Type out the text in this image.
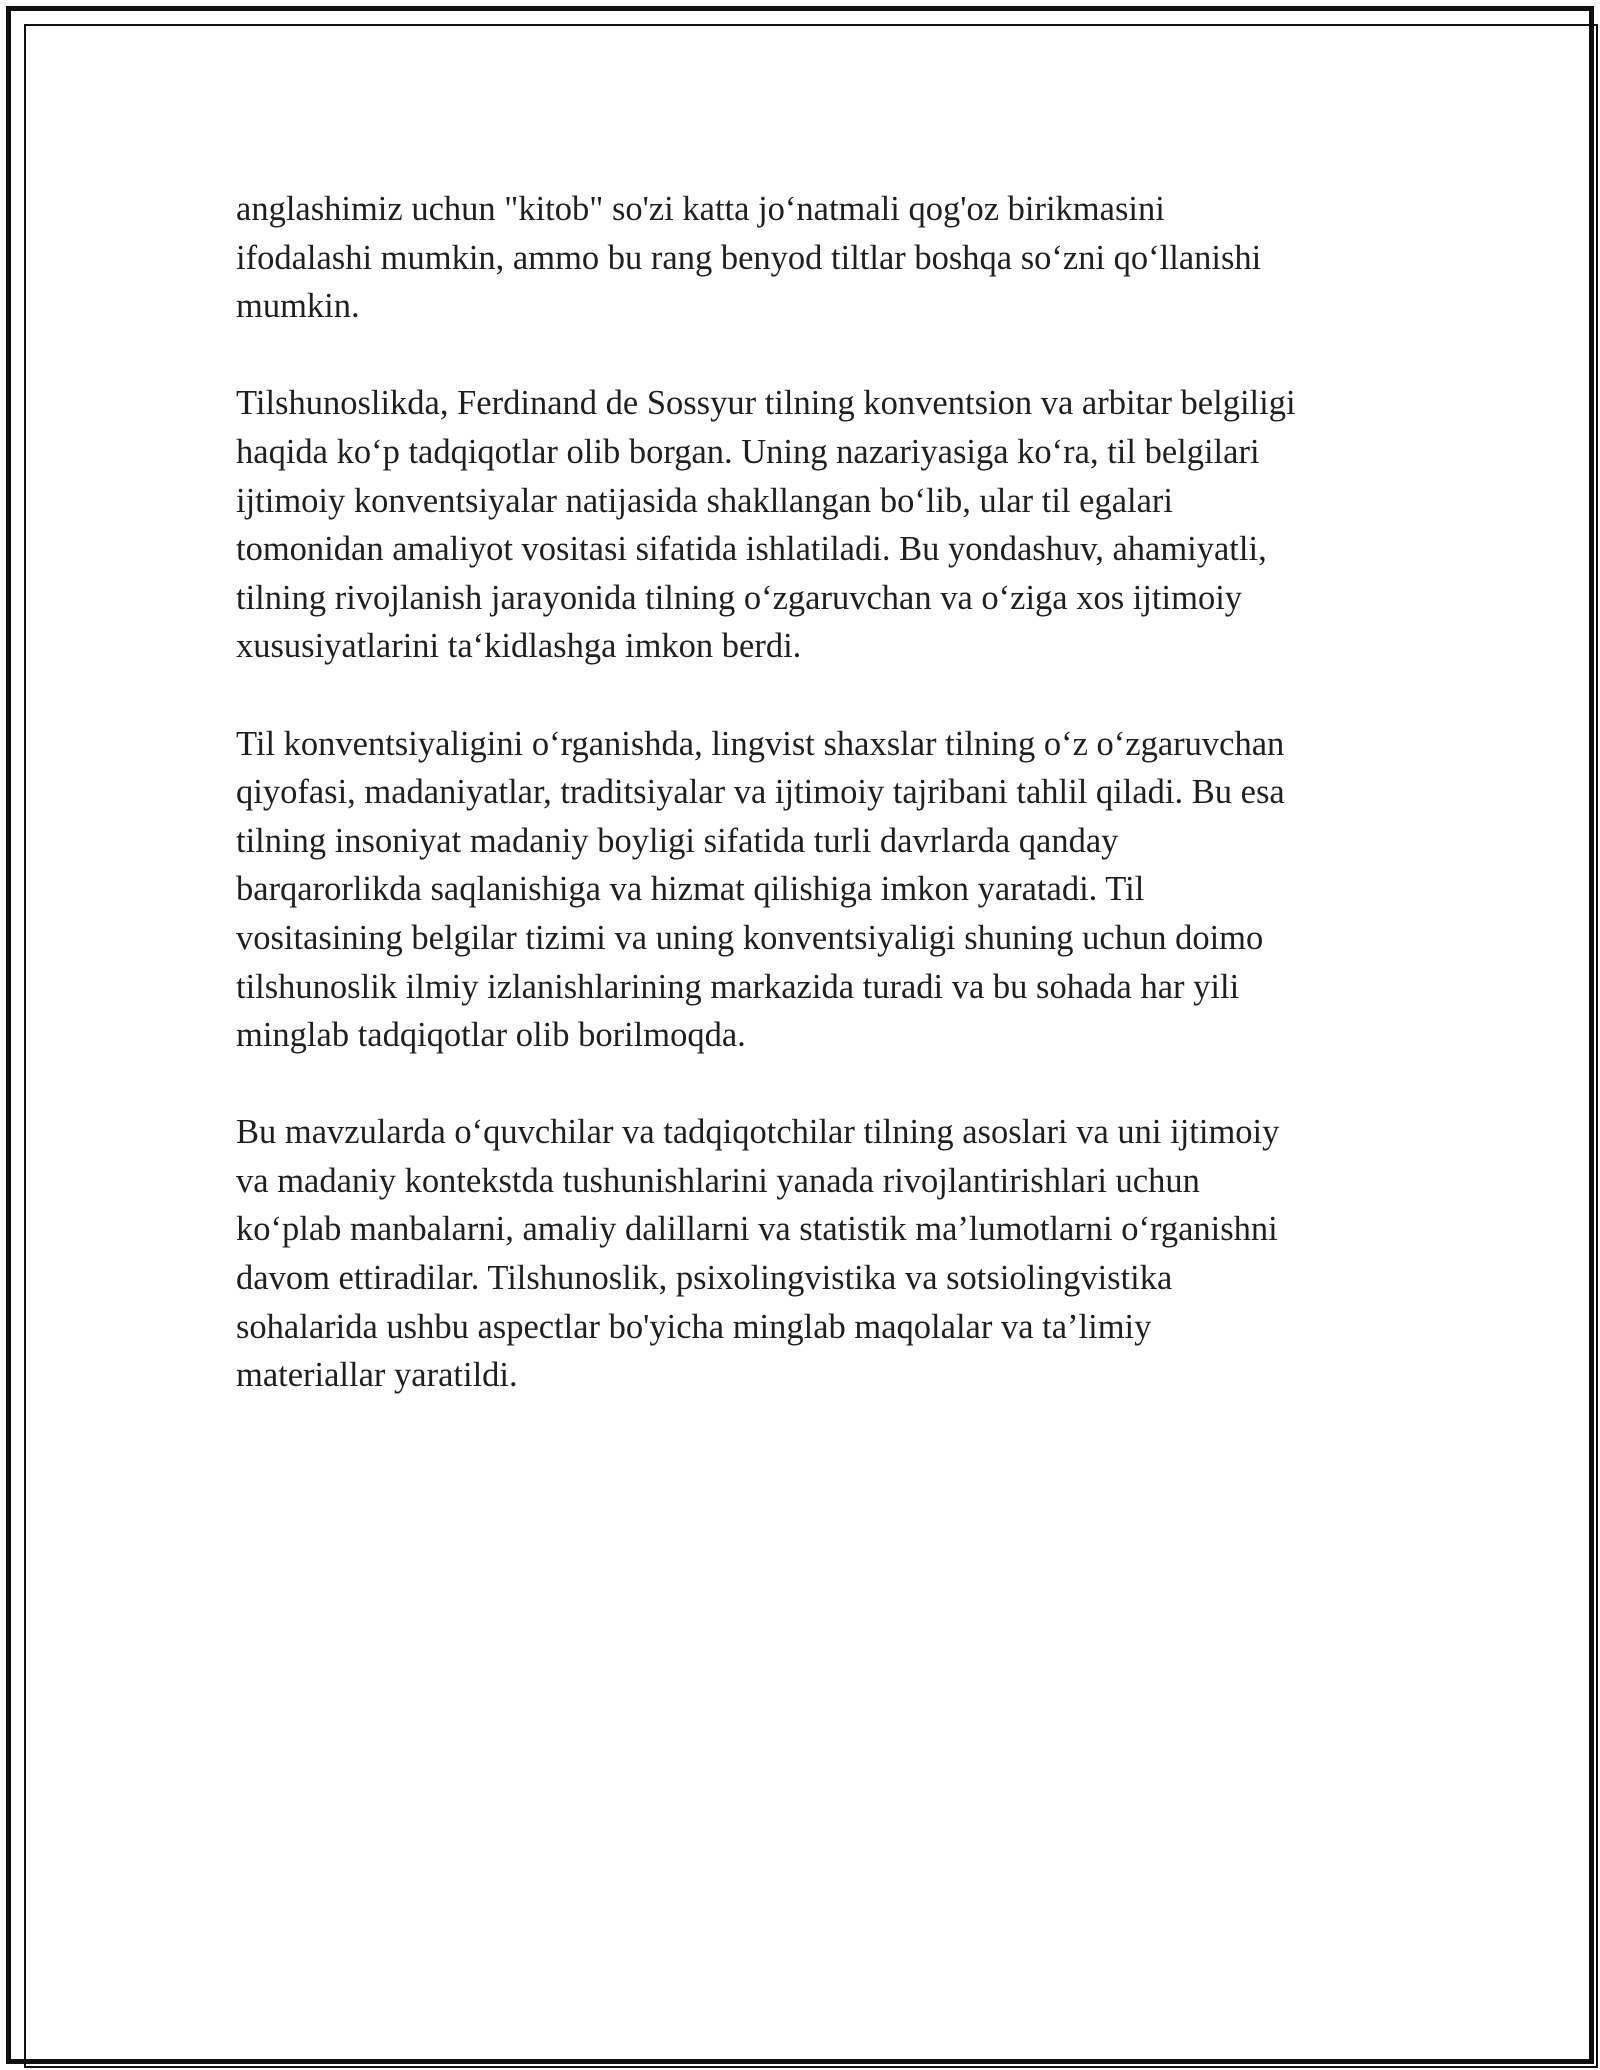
anglashimiz uchun "kitob" so'zi katta jo‘natmali qog'oz birikmasini
ifodalashi mumkin, ammo bu rang benyod tiltlar boshqa so‘zni qo‘llanishi
mumkin.

Tilshunoslikda, Ferdinand de Sossyur tilning konventsion va arbitar belgiligi
haqida ko‘p tadqiqotlar olib borgan. Uning nazariyasiga ko‘ra, til belgilari
ijtimoiy konventsiyalar natijasida shakllangan bo‘lib, ular til egalari
tomonidan amaliyot vositasi sifatida ishlatiladi. Bu yondashuv, ahamiyatli,
tilning rivojlanish jarayonida tilning o‘zgaruvchan va o‘ziga xos ijtimoiy
xususiyatlarini ta‘kidlashga imkon berdi.

Til konventsiyaligini o‘rganishda, lingvist shaxslar tilning o‘z o‘zgaruvchan
qiyofasi, madaniyatlar, traditsiyalar va ijtimoiy tajribani tahlil qiladi. Bu esa
tilning insoniyat madaniy boyligi sifatida turli davrlarda qanday
barqarorlikda saqlanishiga va hizmat qilishiga imkon yaratadi. Til
vositasining belgilar tizimi va uning konventsiyaligi shuning uchun doimo
tilshunoslik ilmiy izlanishlarining markazida turadi va bu sohada har yili
minglab tadqiqotlar olib borilmoqda.

Bu mavzularda o‘quvchilar va tadqiqotchilar tilning asoslari va uni ijtimoiy
va madaniy kontekstda tushunishlarini yanada rivojlantirishlari uchun
ko‘plab manbalarni, amaliy dalillarni va statistik ma’lumotlarni o‘rganishni
davom ettiradilar. Tilshunoslik, psixolingvistika va sotsiolingvistika
sohalarida ushbu aspectlar bo'yicha minglab maqolalar va ta’limiy
materiallar yaratildi.
